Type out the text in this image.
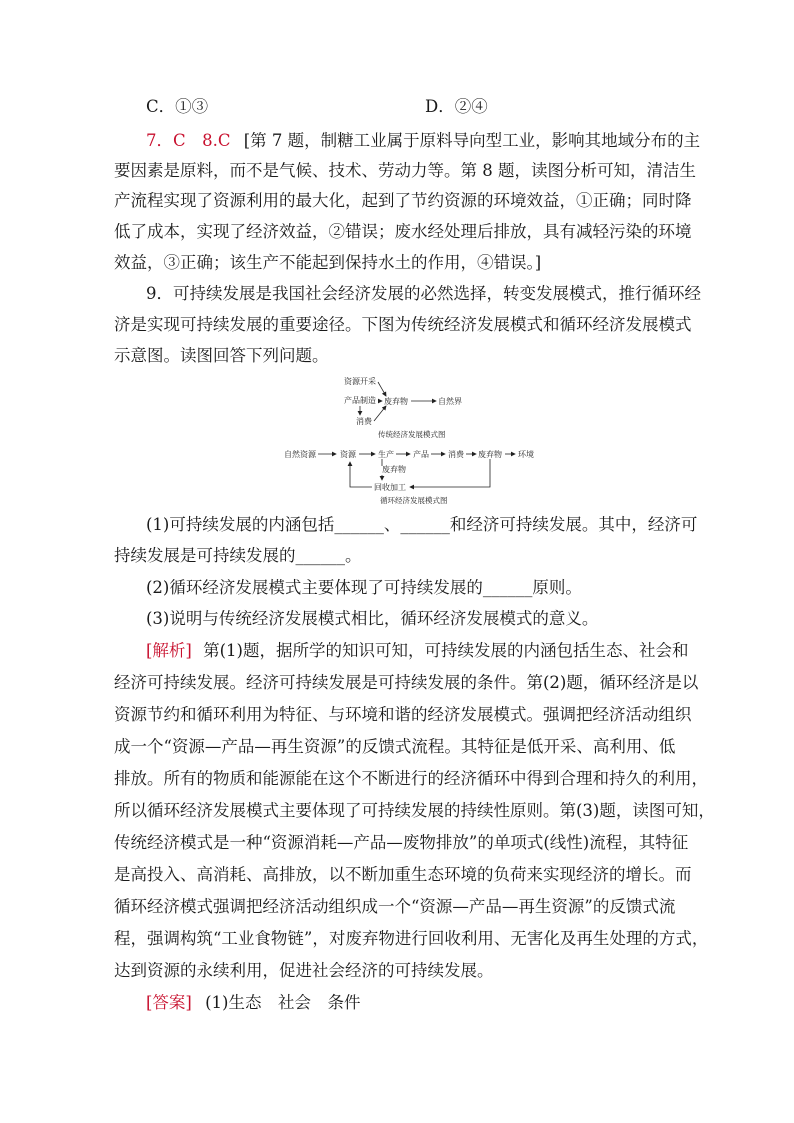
C．①③	D．②④
7．C　8.C [第 7 题，制糖工业属于原料导向型工业，影响其地域分布的主
要因素是原料，而不是气候、技术、劳动力等。第 8 题，读图分析可知，清洁生
产流程实现了资源利用的最大化，起到了节约资源的环境效益，①正确；同时降
低了成本，实现了经济效益，②错误；废水经处理后排放，具有减轻污染的环境
效益，③正确；该生产不能起到保持水土的作用，④错误。]
9．可持续发展是我国社会经济发展的必然选择，转变发展模式，推行循环经
济是实现可持续发展的重要途径。下图为传统经济发展模式和循环经济发展模式
示意图。读图回答下列问题。
资源开采
产品制造
消费
废弃物	自然界
传统经济发展模式图
自然资源	资源	生产 产品 消费 废弃物 环境
废弃物
回收加工
循环经济发展模式图
(1)可持续发展的内涵包括______、______和经济可持续发展。其中，经济可
持续发展是可持续发展的______。
(2)循环经济发展模式主要体现了可持续发展的______原则。
(3)说明与传统经济发展模式相比，循环经济发展模式的意义。
[解析] 第(1)题，据所学的知识可知，可持续发展的内涵包括生态、社会和
经济可持续发展。经济可持续发展是可持续发展的条件。第(2)题，循环经济是以
资源节约和循环利用为特征、与环境和谐的经济发展模式。强调把经济活动组织
成一个“资源—产品—再生资源”的反馈式流程。其特征是低开采、高利用、低
排放。所有的物质和能源能在这个不断进行的经济循环中得到合理和持久的利用，
所以循环经济发展模式主要体现了可持续发展的持续性原则。第(3)题，读图可知，
传统经济模式是一种“资源消耗—产品—废物排放”的单项式(线性)流程，其特征
是高投入、高消耗、高排放，以不断加重生态环境的负荷来实现经济的增长。而
循环经济模式强调把经济活动组织成一个“资源—产品—再生资源”的反馈式流
程，强调构筑“工业食物链”，对废弃物进行回收利用、无害化及再生处理的方式，
达到资源的永续利用，促进社会经济的可持续发展。
[答案] (1)生态　社会　条件
